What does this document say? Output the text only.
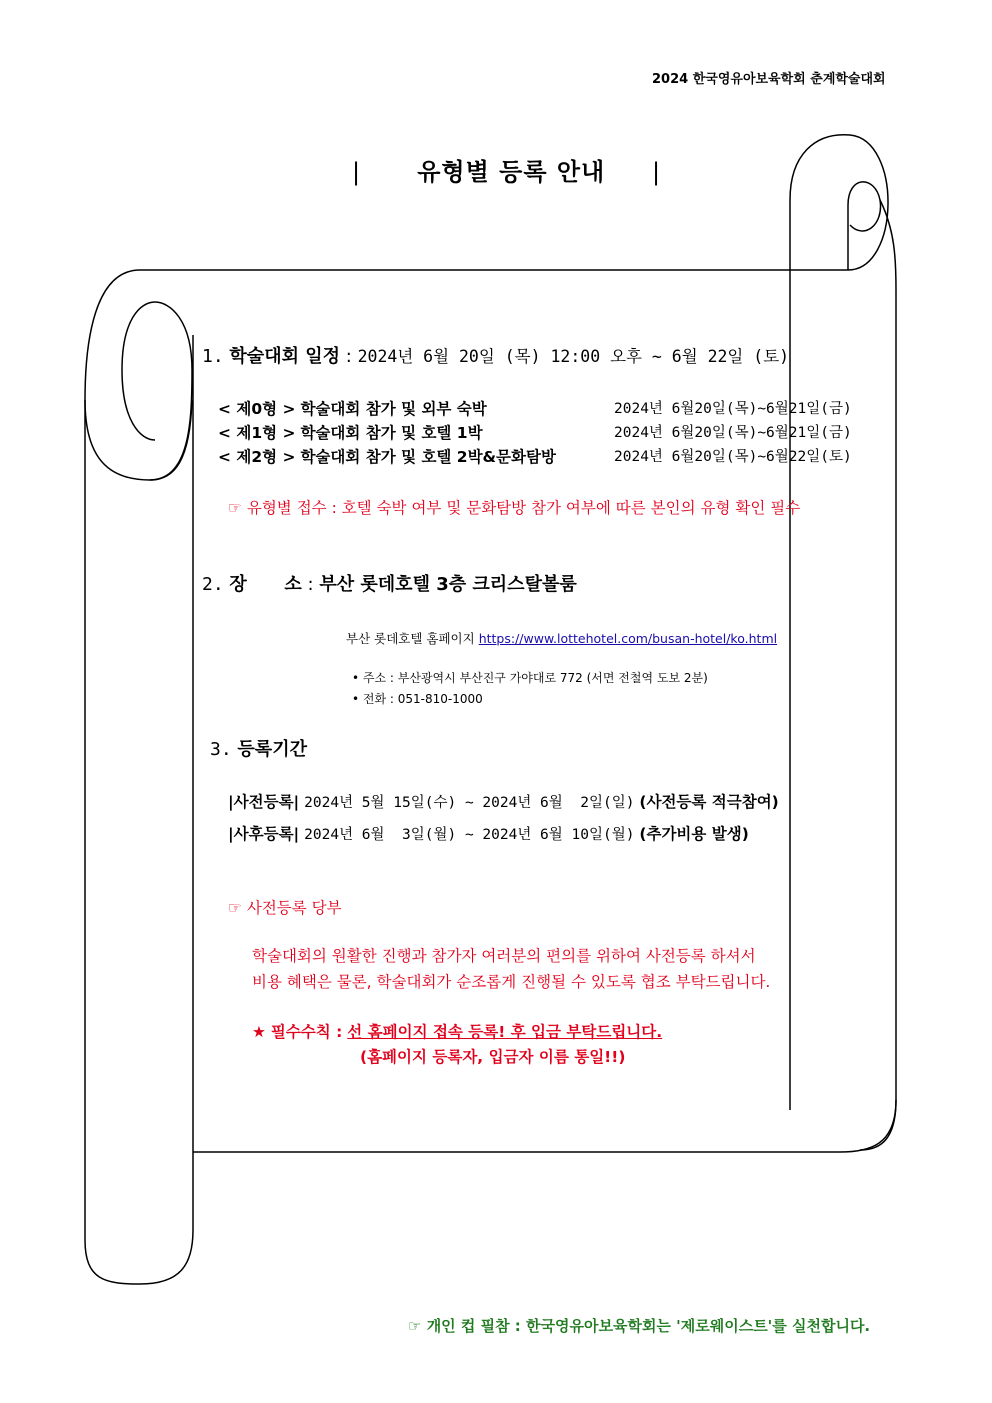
2024 한국영유아보육학회 춘계학술대회
| 유형별 등록 안내 |
1. 학술대회 일정 : 2024년 6월 20일 (목) 12:00 오후 ~ 6월 22일 (토)
< 제0형 > 학술대회 참가 및 외부 숙박	2024년 6월20일(목)~6월21일(금)
< 제1형 > 학술대회 참가 및 호텔 1박	2024년 6월20일(목)~6월21일(금)
< 제2형 > 학술대회 참가 및 호텔 2박&문화탐방	2024년 6월20일(목)~6월22일(토)
☞ 유형별 접수 : 호텔 숙박 여부 및 문화탐방 참가 여부에 따른 본인의 유형 확인 필수
2. 장      소 : 부산 롯데호텔 3층 크리스탈볼룸
부산 롯데호텔 홈페이지 https://www.lottehotel.com/busan-hotel/ko.html
• 주소 : 부산광역시 부산진구 가야대로 772 (서면 전철역 도보 2분)
• 전화 : 051-810-1000
3. 등록기간
|사전등록| 2024년 5월 15일(수) ~ 2024년 6월  2일(일) (사전등록 적극참여)
|사후등록| 2024년 6월  3일(월) ~ 2024년 6월 10일(월) (추가비용 발생)
☞ 사전등록 당부
학술대회의 원활한 진행과 참가자 여러분의 편의를 위하여 사전등록 하셔서
비용 혜택은 물론, 학술대회가 순조롭게 진행될 수 있도록 협조 부탁드립니다.
★ 필수수칙 : 선 홈페이지 접속 등록! 후 입금 부탁드립니다.
(홈페이지 등록자, 입금자 이름 통일!!)
☞ 개인 컵 필참 : 한국영유아보육학회는 '제로웨이스트'를 실천합니다.
